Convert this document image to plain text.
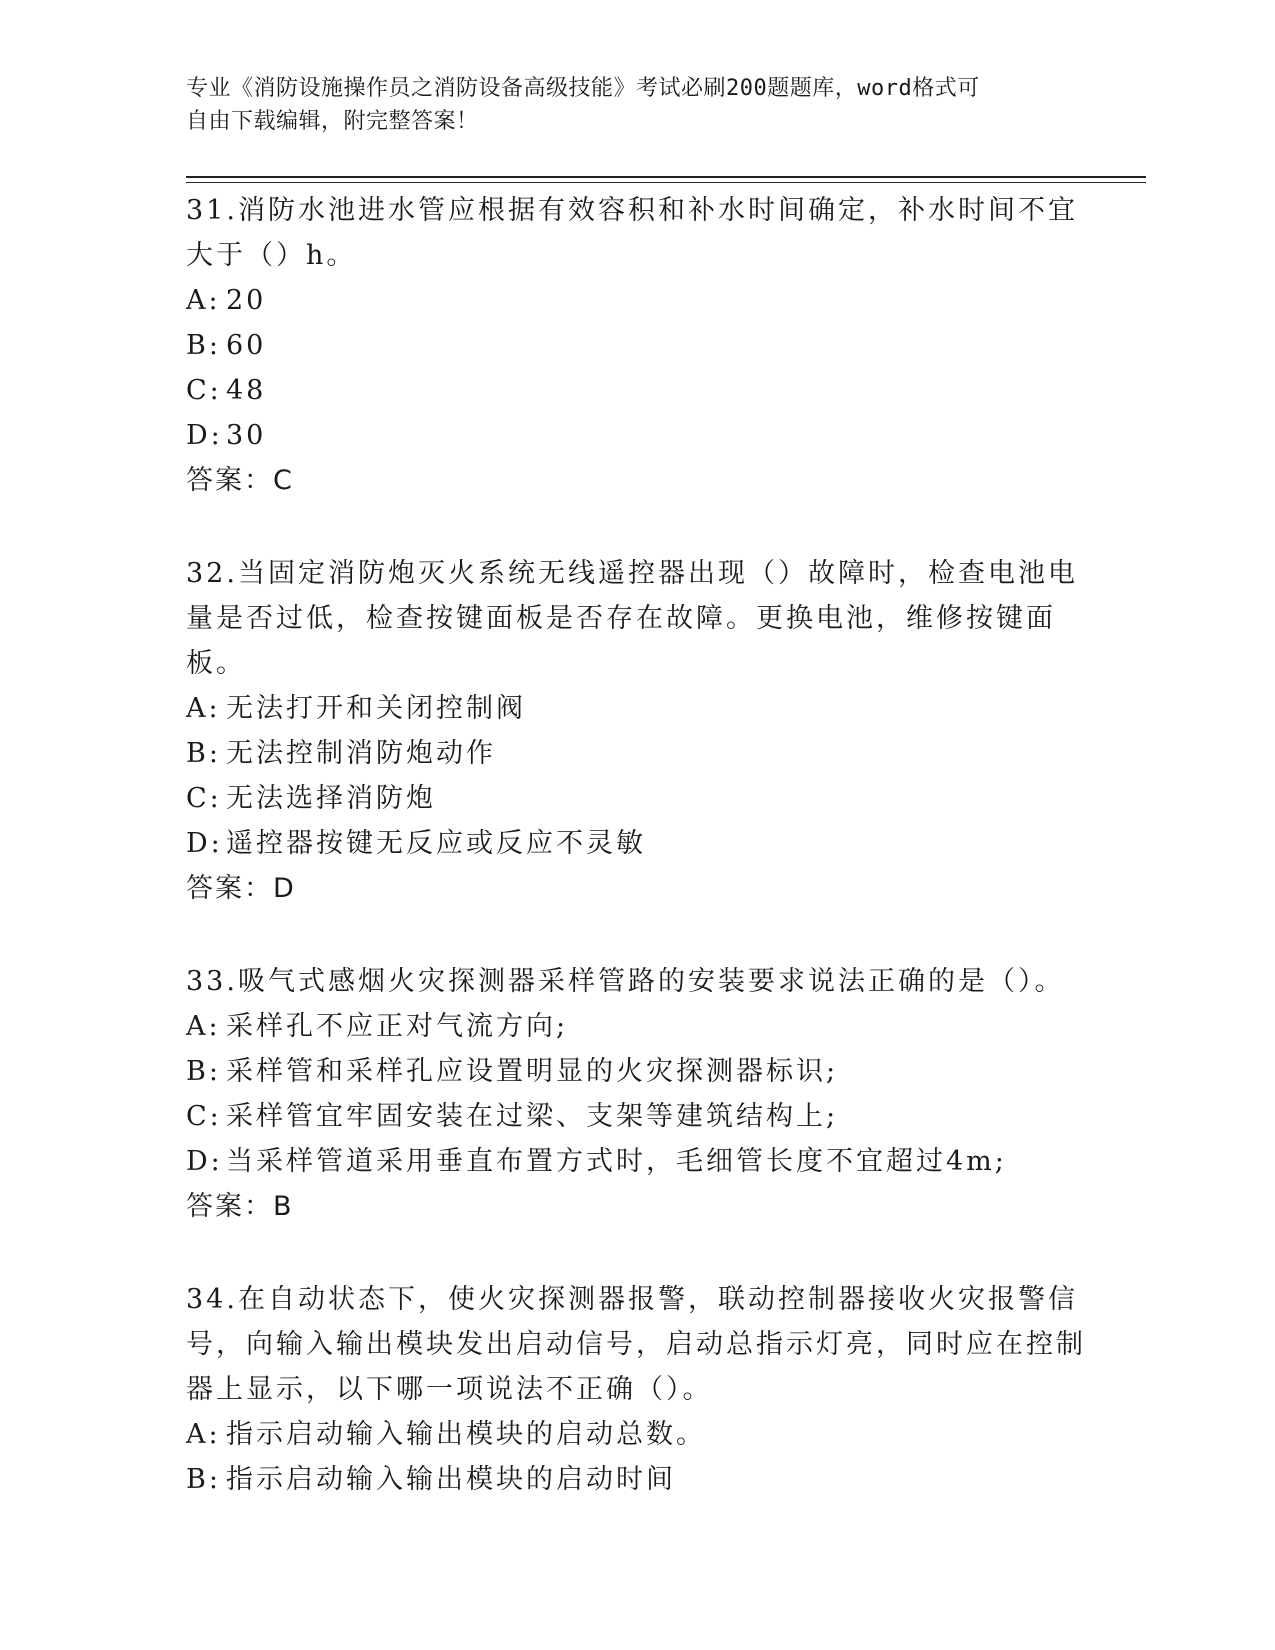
专业《消防设施操作员之消防设备高级技能》考试必刷200题题库，word格式可
自由下载编辑，附完整答案！

31.消防水池进水管应根据有效容积和补水时间确定，补水时间不宜大于（）h。

A: 20

B: 60

C: 48

D: 30

答案：C

32.当固定消防炮灭火系统无线遥控器出现（）故障时，检查电池电量是否过低，检查按键面板是否存在故障。更换电池，维修按键面板。

A: 无法打开和关闭控制阀

B: 无法控制消防炮动作

C: 无法选择消防炮

D: 遥控器按键无反应或反应不灵敏

答案：D

33.吸气式感烟火灾探测器采样管路的安装要求说法正确的是（）。

A: 采样孔不应正对气流方向;

B: 采样管和采样孔应设置明显的火灾探测器标识;

C: 采样管宜牢固安装在过梁、支架等建筑结构上;

D: 当采样管道采用垂直布置方式时，毛细管长度不宜超过4m;

答案：B

34.在自动状态下，使火灾探测器报警，联动控制器接收火灾报警信号，向输入输出模块发出启动信号，启动总指示灯亮，同时应在控制器上显示，以下哪一项说法不正确（）。

A: 指示启动输入输出模块的启动总数。

B: 指示启动输入输出模块的启动时间
